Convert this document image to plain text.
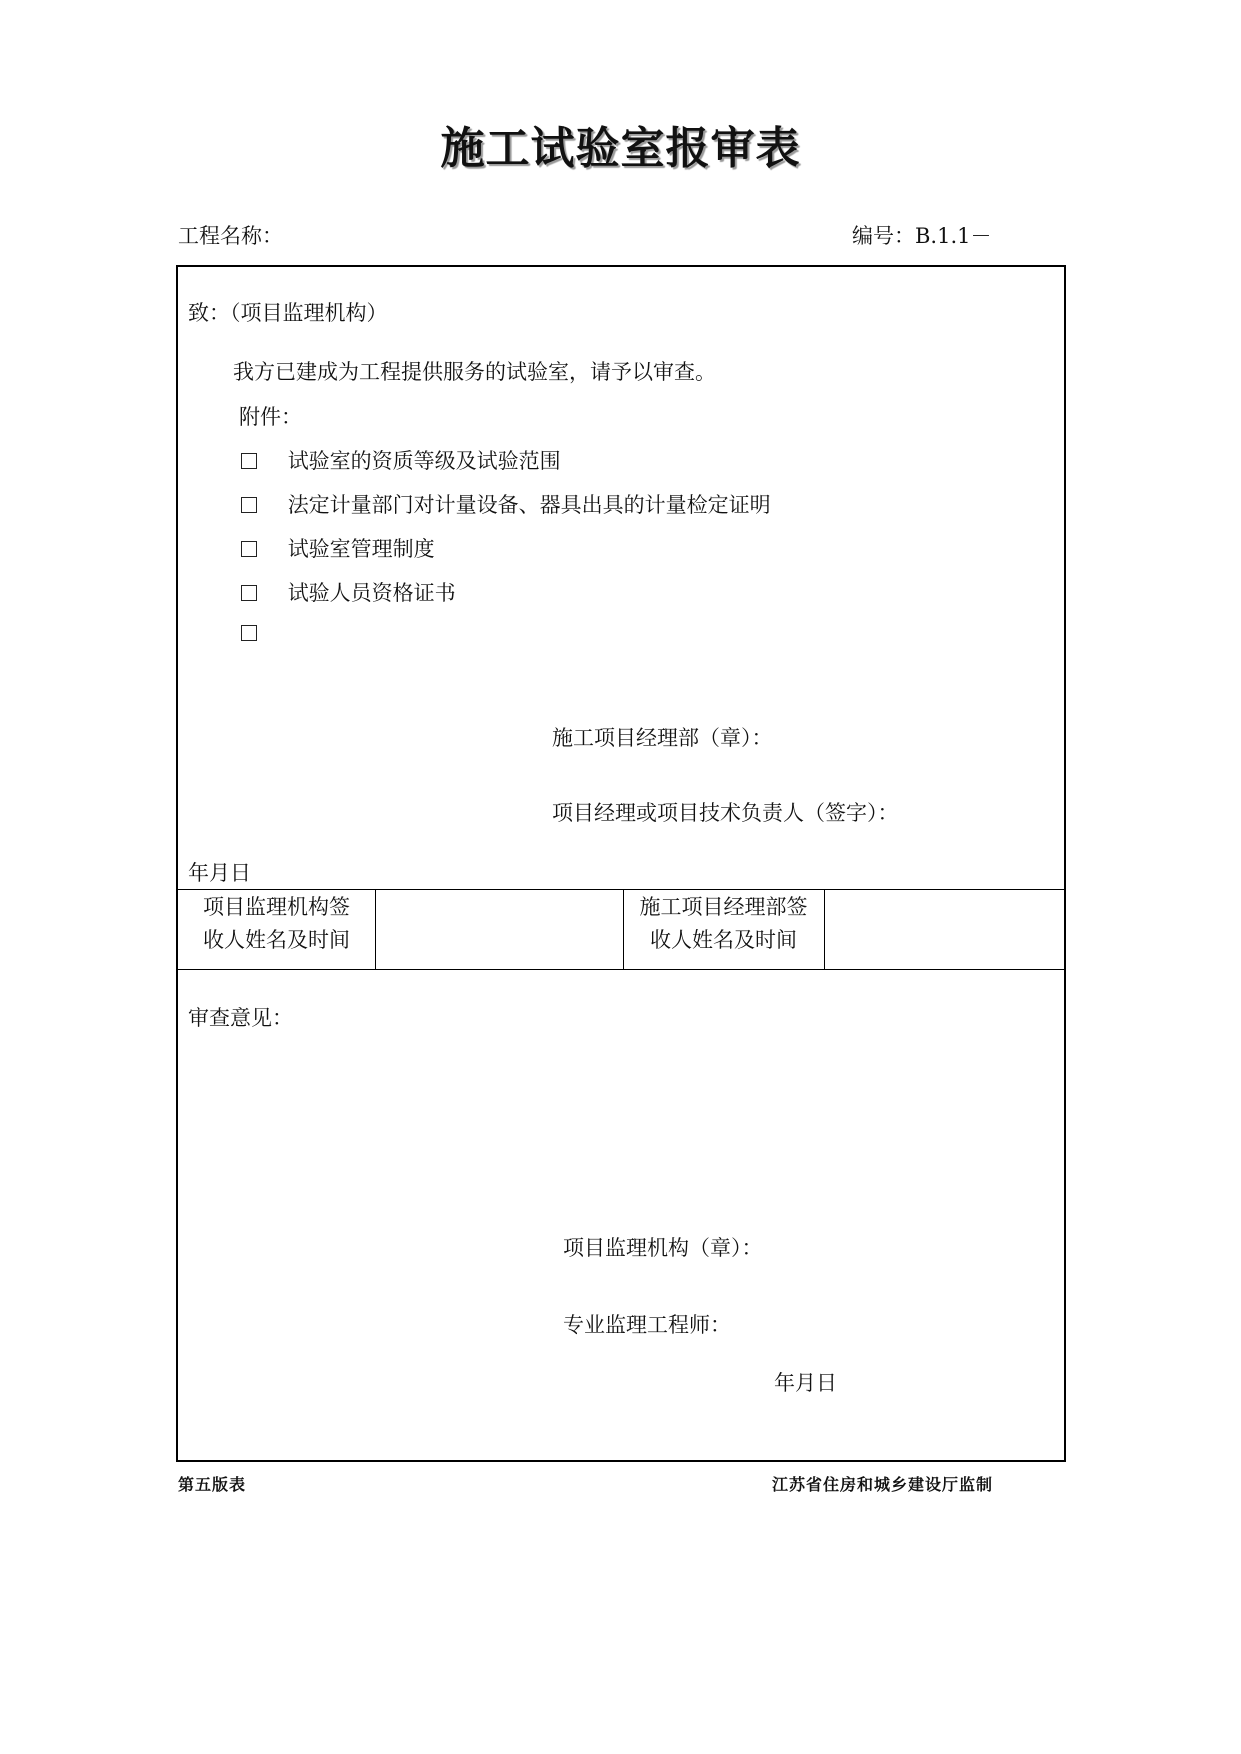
施工试验室报审表
工程名称：	编号：B.1.1－
致：（项目监理机构）
我方已建成为工程提供服务的试验室，请予以审查。
附件：
试验室的资质等级及试验范围
法定计量部门对计量设备、器具出具的计量检定证明
试验室管理制度
试验人员资格证书
施工项目经理部（章）：
项目经理或项目技术负责人（签字）：
年月日
项目监理机构签
收人姓名及时间
施工项目经理部签
收人姓名及时间
审查意见：
项目监理机构（章）：
专业监理工程师：
年月日
第五版表	江苏省住房和城乡建设厅监制
